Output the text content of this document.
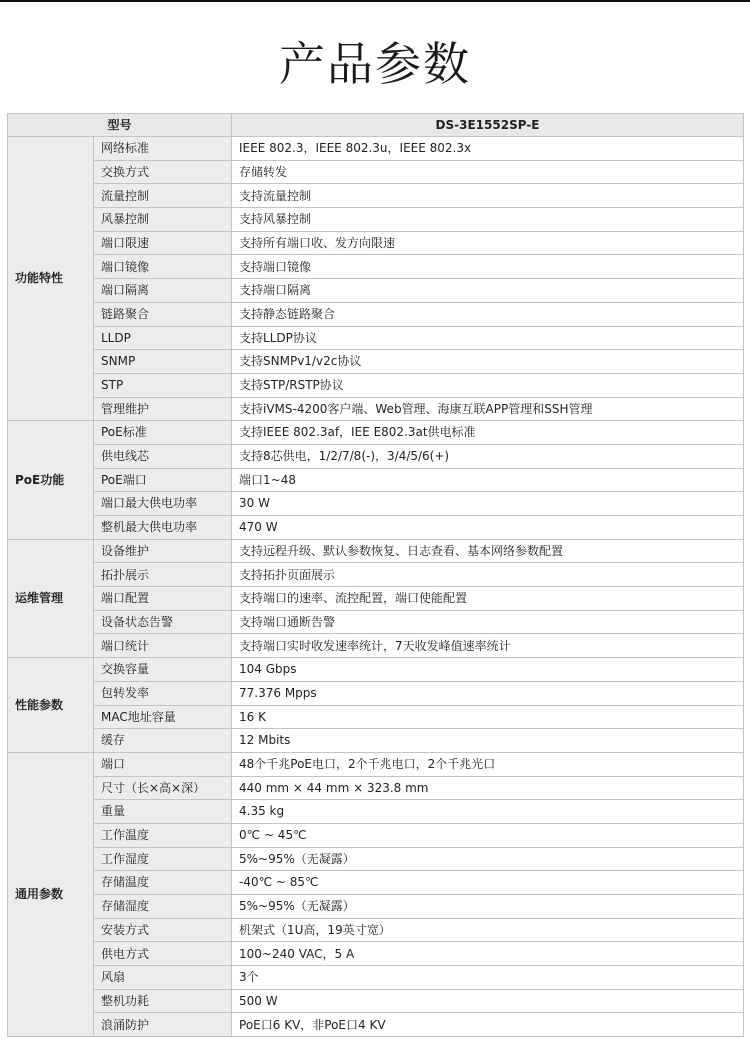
产品参数
型号		DS-3E1552SP-E
功能特性	网络标准	IEEE 802.3，IEEE 802.3u，IEEE 802.3x
	交换方式	存储转发
	流量控制	支持流量控制
	风暴控制	支持风暴控制
	端口限速	支持所有端口收、发方向限速
	端口镜像	支持端口镜像
	端口隔离	支持端口隔离
	链路聚合	支持静态链路聚合
	LLDP	支持LLDP协议
	SNMP	支持SNMPv1/v2c协议
	STP	支持STP/RSTP协议
	管理维护	支持iVMS-4200客户端、Web管理、海康互联APP管理和SSH管理
PoE功能	PoE标准	支持IEEE 802.3af，IEE E802.3at供电标准
	供电线芯	支持8芯供电，1/2/7/8(-)，3/4/5/6(+)
	PoE端口	端口1~48
	端口最大供电功率	30 W
	整机最大供电功率	470 W
运维管理	设备维护	支持远程升级、默认参数恢复、日志查看、基本网络参数配置
	拓扑展示	支持拓扑页面展示
	端口配置	支持端口的速率、流控配置，端口使能配置
	设备状态告警	支持端口通断告警
	端口统计	支持端口实时收发速率统计，7天收发峰值速率统计
性能参数	交换容量	104 Gbps
	包转发率	77.376 Mpps
	MAC地址容量	16 K
	缓存	12 Mbits
通用参数	端口	48个千兆PoE电口，2个千兆电口，2个千兆光口
	尺寸（长×高×深）	440 mm × 44 mm × 323.8 mm
	重量	4.35 kg
	工作温度	0℃ ~ 45℃
	工作湿度	5%~95%（无凝露）
	存储温度	-40℃ ~ 85℃
	存储湿度	5%~95%（无凝露）
	安装方式	机架式（1U高，19英寸宽）
	供电方式	100~240 VAC，5 A
	风扇	3个
	整机功耗	500 W
	浪涌防护	PoE口6 KV，非PoE口4 KV
